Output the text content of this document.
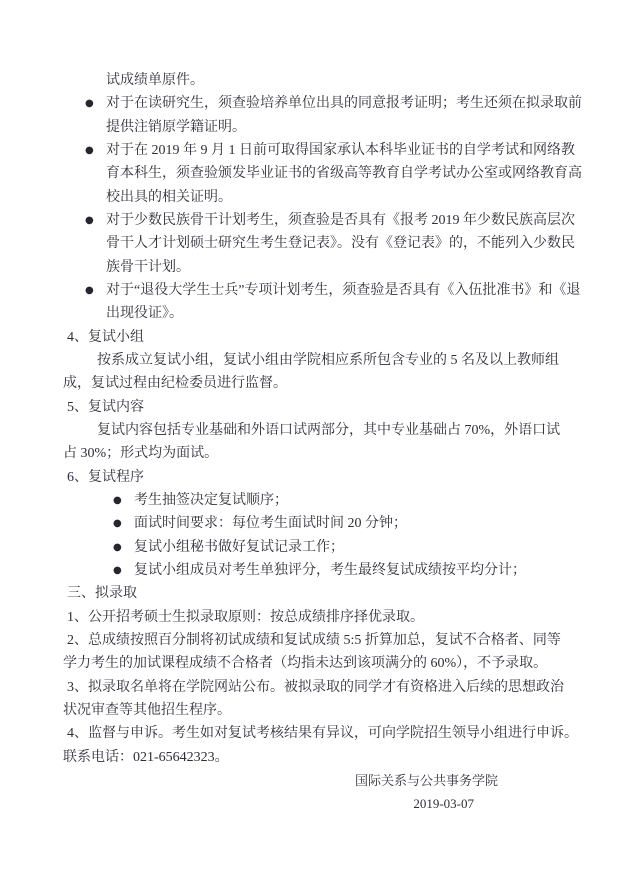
试成绩单原件。
● 对于在读研究生，须查验培养单位出具的同意报考证明；考生还须在拟录取前
提供注销原学籍证明。
● 对于在 2019 年 9 月 1 日前可取得国家承认本科毕业证书的自学考试和网络教
育本科生，须查验颁发毕业证书的省级高等教育自学考试办公室或网络教育高
校出具的相关证明。
● 对于少数民族骨干计划考生，须查验是否具有《报考 2019 年少数民族高层次
骨干人才计划硕士研究生考生登记表》。没有《登记表》的，不能列入少数民
族骨干计划。
● 对于“退役大学生士兵”专项计划考生，须查验是否具有《入伍批准书》和《退
出现役证》。
4、复试小组
按系成立复试小组，复试小组由学院相应系所包含专业的 5 名及以上教师组
成，复试过程由纪检委员进行监督。
5、复试内容
复试内容包括专业基础和外语口试两部分，其中专业基础占 70%，外语口试
占 30%；形式均为面试。
6、复试程序
● 考生抽签决定复试顺序；
● 面试时间要求：每位考生面试时间 20 分钟；
● 复试小组秘书做好复试记录工作；
● 复试小组成员对考生单独评分，考生最终复试成绩按平均分计；
三、拟录取
1、公开招考硕士生拟录取原则：按总成绩排序择优录取。
2、总成绩按照百分制将初试成绩和复试成绩 5:5 折算加总，复试不合格者、同等
学力考生的加试课程成绩不合格者（均指未达到该项满分的 60%），不予录取。
3、拟录取名单将在学院网站公布。被拟录取的同学才有资格进入后续的思想政治
状况审查等其他招生程序。
4、监督与申诉。考生如对复试考核结果有异议，可向学院招生领导小组进行申诉。
联系电话：021-65642323。
国际关系与公共事务学院
2019-03-07
